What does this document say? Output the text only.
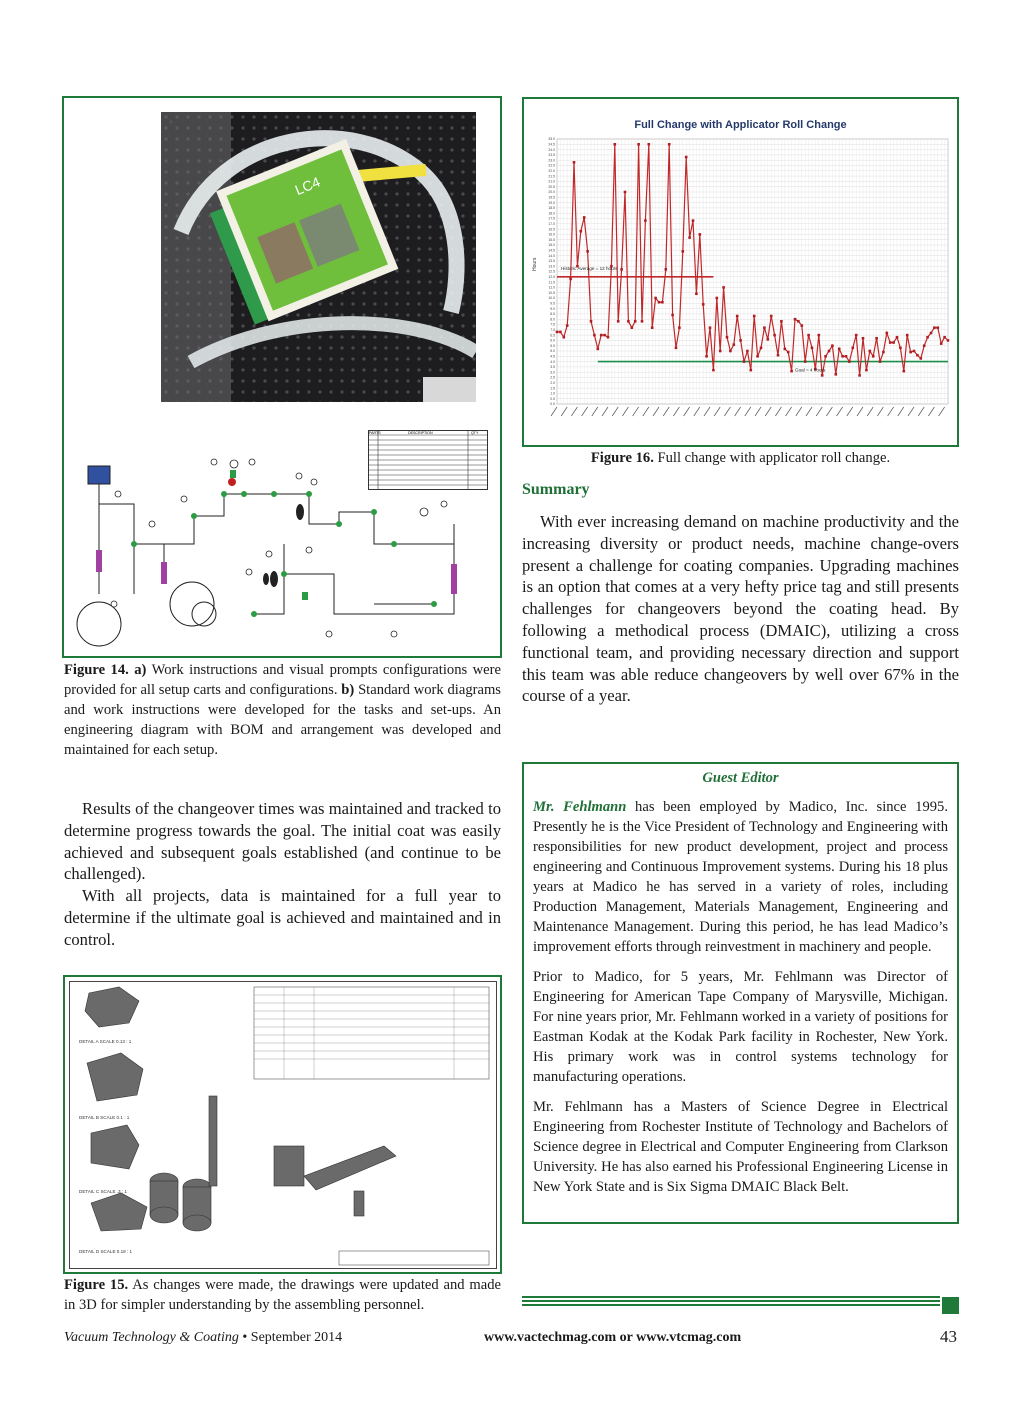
LC4
PARTS	DESCRIPTION	QTY
Figure 14. a) Work instructions and visual prompts configurations were provided for all setup carts and configurations. b) Standard work diagrams and work instructions were developed for the tasks and set-ups. An engineering diagram with BOM and arrangement was developed and maintained for each setup.
Full Change with Applicator Roll Change
0.0
0.5
1.0
1.5
2.0
2.5
3.0
3.5
4.0
4.5
5.0
5.5
6.0
6.5
7.0
7.5
8.0
8.5
9.0
9.5
10.0
10.5
11.0
11.5
12.0
12.5
13.0
13.5
14.0
14.5
15.0
15.5
16.0
16.5
17.0
17.5
18.0
18.5
19.0
19.5
20.0
20.5
21.0
21.5
22.0
22.5
23.0
23.5
24.0
24.5
25.0
Hours	Historic Average = 12 hours
Goal = 4 hours
Figure 16. Full change with applicator roll change.
Summary

With ever increasing demand on machine productivity and the increasing diversity or product needs, machine change-overs present a challenge for coating companies. Upgrading machines is an option that comes at a very hefty price tag and still presents challenges for changeovers beyond the coating head. By following a methodical process (DMAIC), utilizing a cross functional team, and providing necessary direction and support this team was able reduce changeovers by well over 67% in the course of a year.

Results of the changeover times was maintained and tracked to determine progress towards the goal. The initial coat was easily achieved and subsequent goals established (and continue to be challenged).

With all projects, data is maintained for a full year to determine if the ultimate goal is achieved and maintained and in control.

Guest Editor

Mr. Fehlmann has been employed by Madico, Inc. since 1995. Presently he is the Vice President of Technology and Engineering with responsibilities for new product development, project and process engineering and Continuous Improvement systems. During his 18 plus years at Madico he has served in a variety of roles, including Production Management, Materials Management, Engineering and Maintenance Management. During this period, he has lead Madico’s improvement efforts through reinvestment in machinery and people.

Prior to Madico, for 5 years, Mr. Fehlmann was Director of Engineering for American Tape Company of Marysville, Michigan. For nine years prior, Mr. Fehlmann worked in a variety of positions for Eastman Kodak at the Kodak Park facility in Rochester, New York. His primary work was in control systems technology for manufacturing operations.

Mr. Fehlmann has a Masters of Science Degree in Electrical Engineering from Rochester Institute of Technology and Bachelors of Science degree in Electrical and Computer Engineering from Clarkson University. He has also earned his Professional Engineering License in New York State and is Six Sigma DMAIC Black Belt.

DETAIL A SCALE 0.13 : 1
DETAIL B SCALE 0.1 : 1
DETAIL C SCALE .3 : 1
DETAIL D SCALE 0.18 : 1
Figure 15. As changes were made, the drawings were updated and made in 3D for simpler understanding by the assembling personnel.
Vacuum Technology & Coating • September 2014	www.vactechmag.com or www.vtcmag.com	43
